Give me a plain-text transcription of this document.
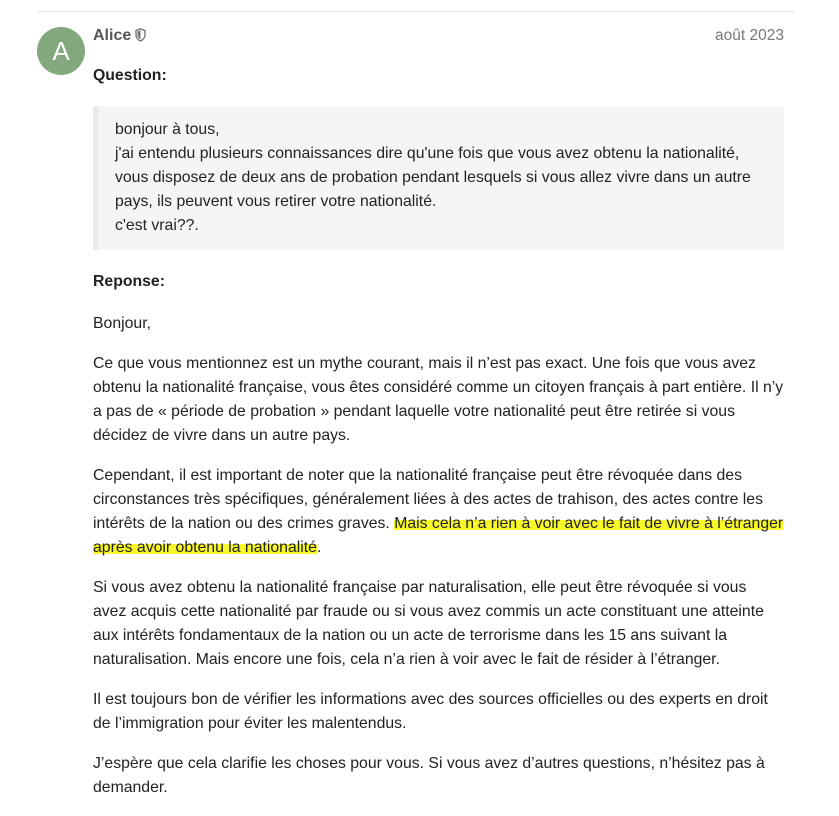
A
Alice	août 2023

Question:

bonjour à tous,
j'ai entendu plusieurs connaissances dire qu'une fois que vous avez obtenu la nationalité,
vous disposez de deux ans de probation pendant lesquels si vous allez vivre dans un autre
pays, ils peuvent vous retirer votre nationalité.
c'est vrai??.

Reponse:

Bonjour,

Ce que vous mentionnez est un mythe courant, mais il n’est pas exact. Une fois que vous avez obtenu la nationalité française, vous êtes considéré comme un citoyen français à part entière. Il n’y a pas de « période de probation » pendant laquelle votre nationalité peut être retirée si vous décidez de vivre dans un autre pays.

Cependant, il est important de noter que la nationalité française peut être révoquée dans des circonstances très spécifiques, généralement liées à des actes de trahison, des actes contre les intérêts de la nation ou des crimes graves. Mais cela n’a rien à voir avec le fait de vivre à l’étranger après avoir obtenu la nationalité.

Si vous avez obtenu la nationalité française par naturalisation, elle peut être révoquée si vous avez acquis cette nationalité par fraude ou si vous avez commis un acte constituant une atteinte aux intérêts fondamentaux de la nation ou un acte de terrorisme dans les 15 ans suivant la naturalisation. Mais encore une fois, cela n’a rien à voir avec le fait de résider à l’étranger.

Il est toujours bon de vérifier les informations avec des sources officielles ou des experts en droit de l’immigration pour éviter les malentendus.

J’espère que cela clarifie les choses pour vous. Si vous avez d’autres questions, n’hésitez pas à demander.
